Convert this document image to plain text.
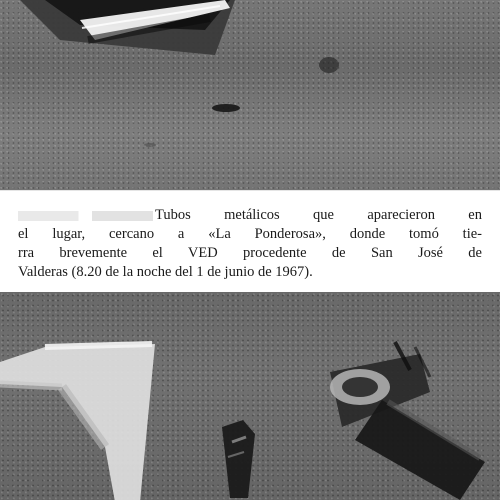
Tubos metálicos que aparecieron en
el lugar, cercano a «La Ponderosa», donde tomó tie-
rra brevemente el VED procedente de San José de
Valderas (8.20 de la noche del 1 de junio de 1967).
